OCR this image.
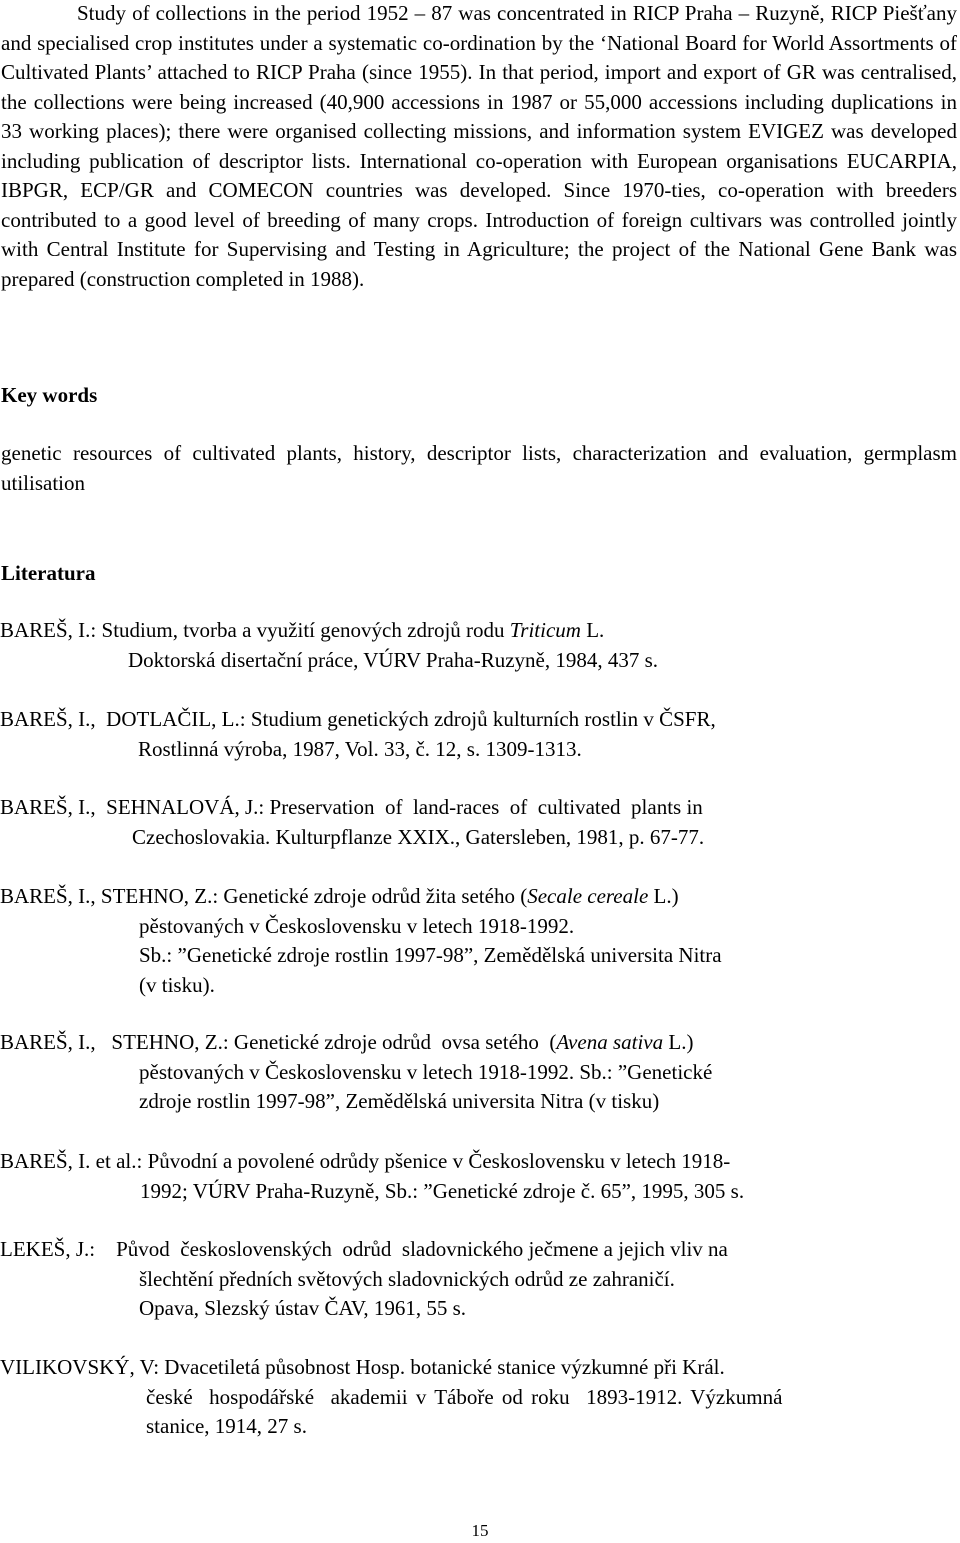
Study of collections in the period 1952 – 87 was concentrated in RICP Praha – Ruzyně, RICP Piešťany and specialised crop institutes under a systematic co-ordination by the ‘National Board for World Assortments of Cultivated Plants’ attached to RICP Praha (since 1955). In that period, import and export of GR was centralised, the collections were being increased (40,900 accessions in 1987 or 55,000 accessions including duplications in 33 working places); there were organised collecting missions, and information system EVIGEZ was developed including publication of descriptor lists. International co-operation with European organisations EUCARPIA, IBPGR, ECP/GR and COMECON countries was developed. Since 1970-ties, co-operation with breeders contributed to a good level of breeding of many crops. Introduction of foreign cultivars was controlled jointly with Central Institute for Supervising and Testing in Agriculture; the project of the National Gene Bank was prepared (construction completed in 1988).

Key words

genetic resources of cultivated plants, history, descriptor lists, characterization and evaluation, germplasm utilisation

Literatura

BAREŠ, I.: Studium, tvorba a využití genových zdrojů rodu Triticum L.
Doktorská disertační práce, VÚRV Praha-Ruzyně, 1984, 437 s.
BAREŠ, I.,  DOTLAČIL, L.: Studium genetických zdrojů kulturních rostlin v ČSFR,
Rostlinná výroba, 1987, Vol. 33, č. 12, s. 1309-1313.
BAREŠ, I.,  SEHNALOVÁ, J.: Preservation  of  land-races  of  cultivated  plants in
Czechoslovakia. Kulturpflanze XXIX., Gatersleben, 1981, p. 67-77.
BAREŠ, I., STEHNO, Z.: Genetické zdroje odrůd žita setého (Secale cereale L.)
pěstovaných v Československu v letech 1918-1992.
Sb.: ”Genetické zdroje rostlin 1997-98”, Zemědělská universita Nitra
(v tisku).
BAREŠ, I.,   STEHNO, Z.: Genetické zdroje odrůd  ovsa setého  (Avena sativa L.)
pěstovaných v Československu v letech 1918-1992. Sb.: ”Genetické
zdroje rostlin 1997-98”, Zemědělská universita Nitra (v tisku)
BAREŠ, I. et al.: Původní a povolené odrůdy pšenice v Československu v letech 1918-
1992; VÚRV Praha-Ruzyně, Sb.: ”Genetické zdroje č. 65”, 1995, 305 s.
LEKEŠ, J.:    Původ  československých  odrůd  sladovnického ječmene a jejich vliv na
šlechtění předních světových sladovnických odrůd ze zahraničí.
Opava, Slezský ústav ČAV, 1961, 55 s.
VILIKOVSKÝ, V: Dvacetiletá působnost Hosp. botanické stanice výzkumné při Král.
české  hospodářské  akademii v Táboře od roku  1893-1912. Výzkumná
stanice, 1914, 27 s.

15
